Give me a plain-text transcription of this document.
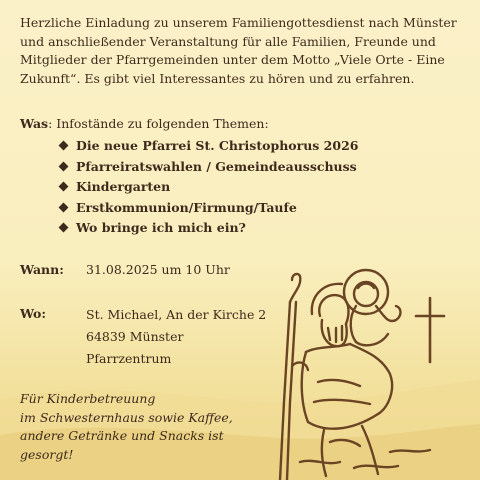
Herzliche Einladung zu unserem Familiengottesdienst nach Münster
und anschließender Veranstaltung für alle Familien, Freunde und
Mitglieder der Pfarrgemeinden unter dem Motto „Viele Orte - Eine
Zukunft“. Es gibt viel Interessantes zu hören und zu erfahren.
Was: Infostände zu folgenden Themen:
Die neue Pfarrei St. Christophorus 2026
Pfarreiratswahlen / Gemeindeausschuss
Kindergarten
Erstkommunion/Firmung/Taufe
Wo bringe ich mich ein?
Wann: 31.08.2025 um 10 Uhr
Wo:	St. Michael, An der Kirche 2
64839 Münster
Pfarrzentrum
Für Kinderbetreuung
im Schwesternhaus sowie Kaffee,
andere Getränke und Snacks ist gesorgt!
